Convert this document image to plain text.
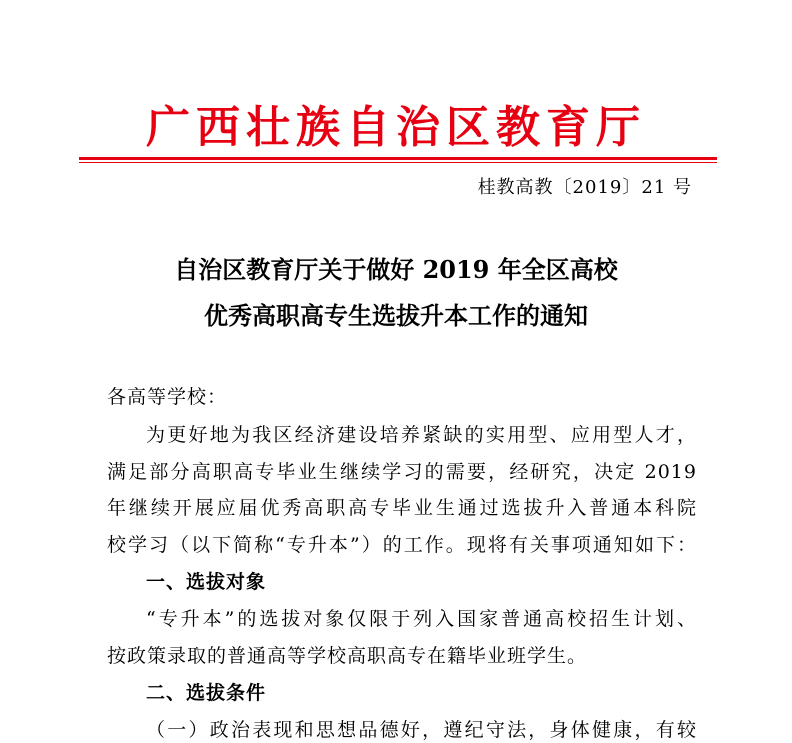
广西壮族自治区教育厅
桂教高教〔2019〕21 号
自治区教育厅关于做好 2019 年全区高校
优秀高职高专生选拔升本工作的通知
各高等学校：
为更好地为我区经济建设培养紧缺的实用型、应用型人才，
满足部分高职高专毕业生继续学习的需要，经研究，决定 2019
年继续开展应届优秀高职高专毕业生通过选拔升入普通本科院
校学习（以下简称“专升本”）的工作。现将有关事项通知如下：
一、选拔对象
“专升本”的选拔对象仅限于列入国家普通高校招生计划、
按政策录取的普通高等学校高职高专在籍毕业班学生。
二、选拔条件
（一）政治表现和思想品德好，遵纪守法，身体健康，有较
